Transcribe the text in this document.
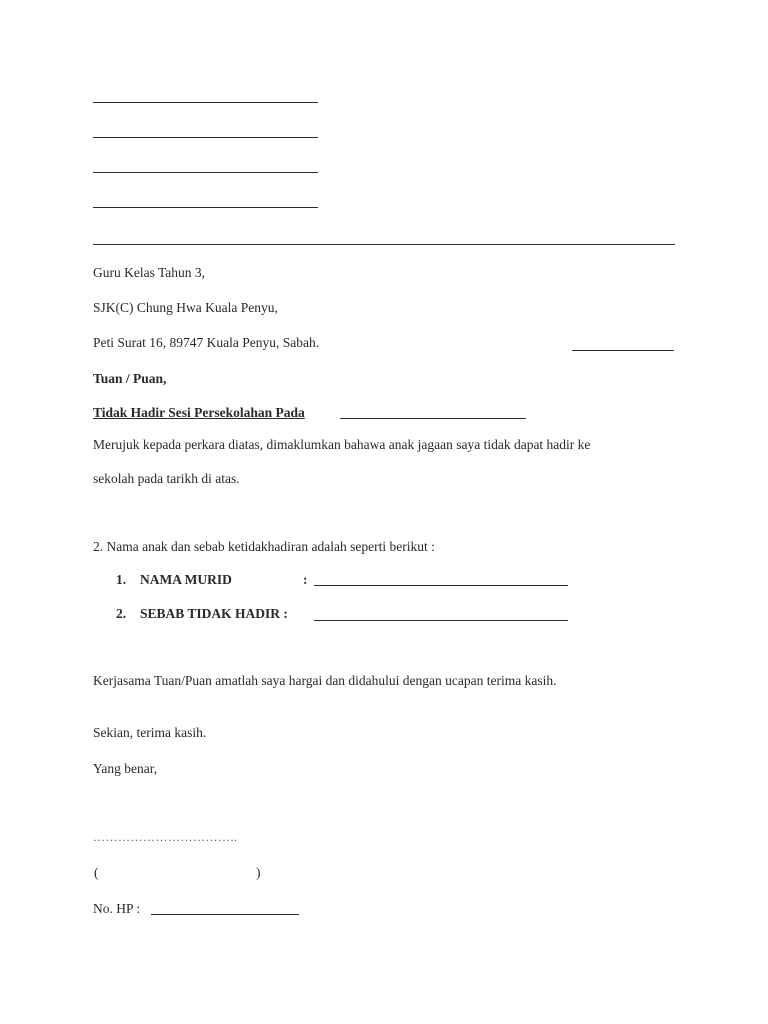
Guru Kelas Tahun 3,
SJK(C) Chung Hwa Kuala Penyu,
Peti Surat 16, 89747 Kuala Penyu, Sabah.
Tuan / Puan,
Tidak Hadir Sesi Persekolahan Pada
Merujuk kepada perkara diatas, dimaklumkan bahawa anak jagaan saya tidak dapat hadir ke
sekolah pada tarikh di atas.
2. Nama anak dan sebab ketidakhadiran adalah seperti berikut :
1. NAMA MURID	:
2. SEBAB TIDAK HADIR :
Kerjasama Tuan/Puan amatlah saya hargai dan didahului dengan ucapan terima kasih.
Sekian, terima kasih.
Yang benar,
……………………………..
(	)
No. HP :
